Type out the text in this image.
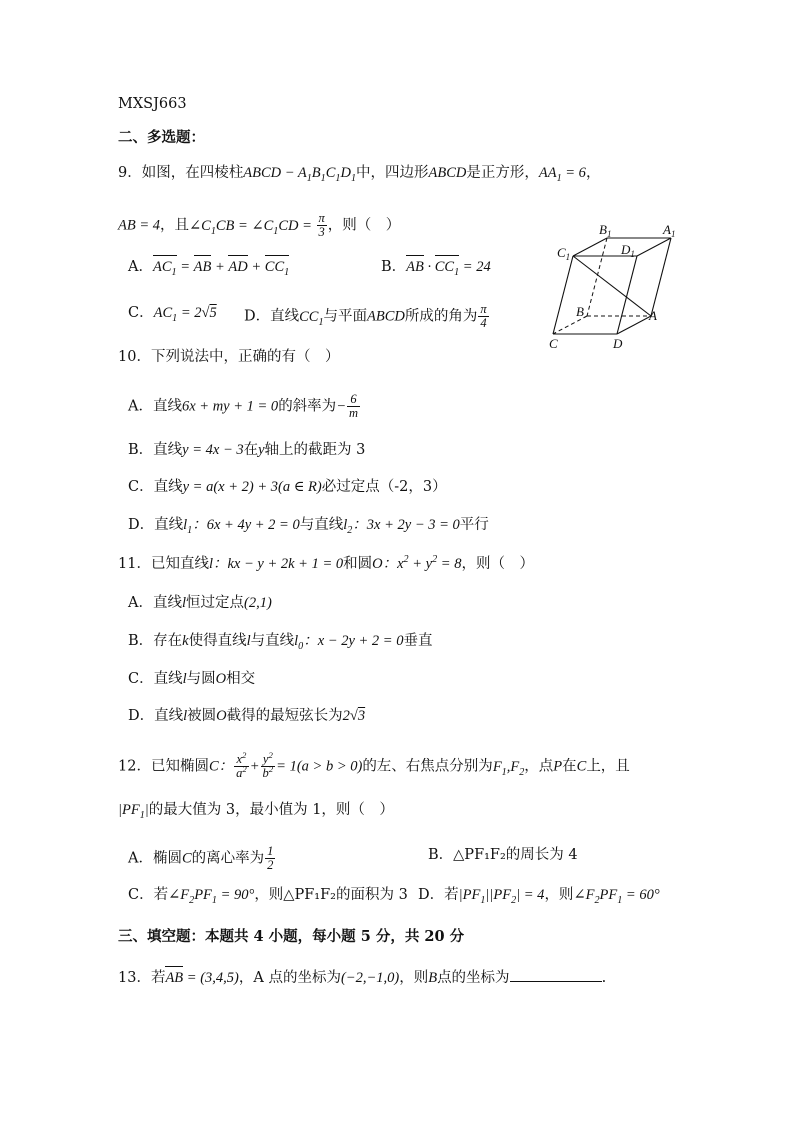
MXSJ663
二、多选题：
9．如图，在四棱柱ABCD − $A_1B_1C_1D_1$中，四边形ABCD是正方形，$AA_1 = 6$，
AB = 4，且$\angle C_1CB$ = $\angle C_1CD = \frac{\pi}{3}$ ，则（　）
A．$AC_1$ = AB + AD + $CC_1$	B．AB · $CC_1 = 24$
C．$AC_1 = 2√5$ D．直线$CC_1$与平面ABCD所成的角为 $\frac{\pi}{4}$
$B_1$	$A_1$
$C_1$	$D_1$
B	A
C	D
10．下列说法中，正确的有（　）
A．直线6x + my + 1 = 0的斜率为− $\frac{6}{m}$
B．直线y = 4x − 3在y轴上的截距为 3
C．直线y = a(x + 2) + 3(a ∈ R)必过定点（-2，3）
D．直线$l_1$：6x + 4y + 2 = 0与直线$l_2$：3x + 2y − 3 = 0平行
11．已知直线l：kx − y + 2k + 1 = 0和圆O：$x^2 + y^2 = 8$，则（　）
A．直线l恒过定点(2,1)
B．存在k使得直线l与直线$l_0$：x − 2y + 2 = 0垂直
C．直线l与圆O相交
D．直线l被圆O截得的最短弦长为2√3
12．已知椭圆C： $\frac{x^2}{a^2} + \frac{y^2}{b^2} = 1(a > b > 0)$的左、右焦点分别为$F_1,F_2$，点P在C上，且
$|PF_1|$的最大值为 3，最小值为 1，则（　）
A．椭圆C的离心率为 $\frac{1}{2}$	B．△PF₁F₂的周长为 4
C．若$\angle F_2PF_1 = 90^\circ$，则△PF₁F₂的面积为 3 D．若$|PF_1||PF_2| = 4$，则$\angle F_2PF_1 = 60^\circ$
三、填空题：本题共 4 小题，每小题 5 分，共 20 分
13．若AB = (3,4,5)，A 点的坐标为(−2,−1,0)，则B点的坐标为	.
